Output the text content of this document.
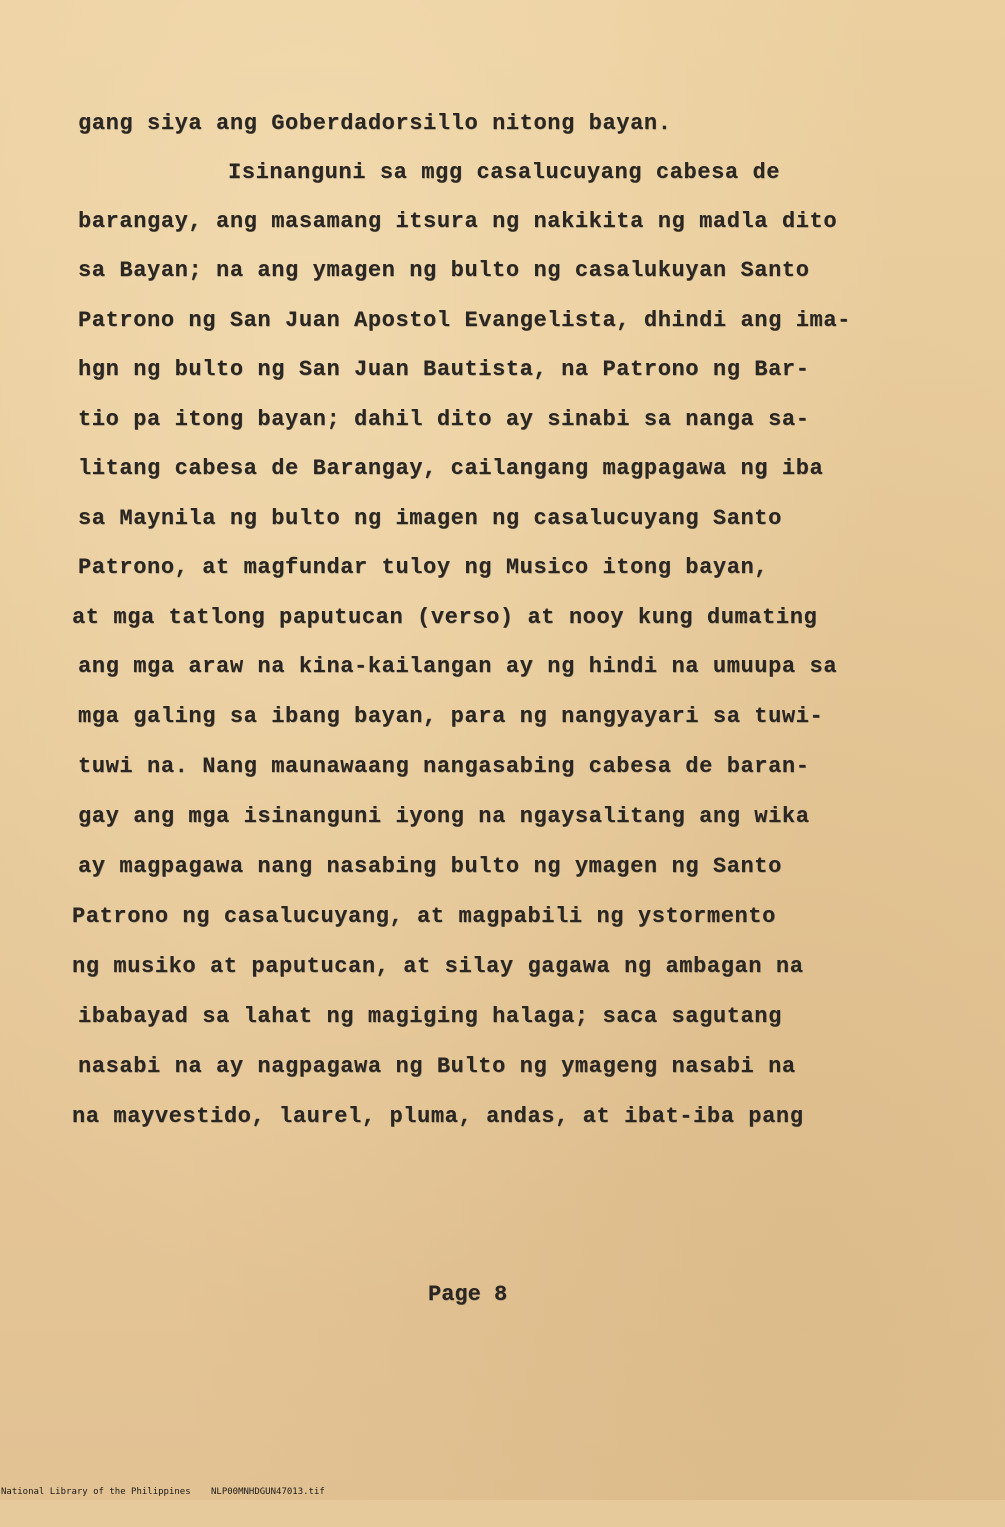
gang siya ang Goberdadorsillo nitong bayan.
Isinanguni sa mgg casalucuyang cabesa de
barangay, ang masamang itsura ng nakikita ng madla dito
sa Bayan; na ang ymagen ng bulto ng casalukuyan Santo
Patrono ng San Juan Apostol Evangelista, dhindi ang ima-
hgn ng bulto ng San Juan Bautista, na Patrono ng Bar-
tio pa itong bayan; dahil dito ay sinabi sa nanga sa-
litang cabesa de Barangay, cailangang magpagawa ng iba
sa Maynila ng bulto ng imagen ng casalucuyang Santo
Patrono, at magfundar tuloy ng Musico itong bayan,
at mga tatlong paputucan (verso) at nooy kung dumating
ang mga araw na kina-kailangan ay ng hindi na umuupa sa
mga galing sa ibang bayan, para ng nangyayari sa tuwi-
tuwi na. Nang maunawaang nangasabing cabesa de baran-
gay ang mga isinanguni iyong na ngaysalitang ang wika
ay magpagawa nang nasabing bulto ng ymagen ng Santo
Patrono ng casalucuyang, at magpabili ng ystormento
ng musiko at paputucan, at silay gagawa ng ambagan na
ibabayad sa lahat ng magiging halaga; saca sagutang
nasabi na ay nagpagawa ng Bulto ng ymageng nasabi na
na mayvestido, laurel, pluma, andas, at ibat-iba pang
Page 8

National Library of the Philippines

NLP00MNHDGUN47013.tif
